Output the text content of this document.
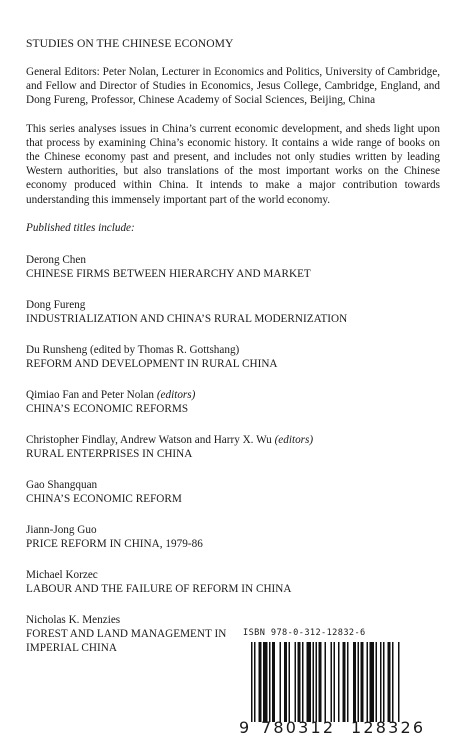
STUDIES ON THE CHINESE ECONOMY

General Editors: Peter Nolan, Lecturer in Economics and Politics, University of Cambridge, and Fellow and Director of Studies in Economics, Jesus College, Cambridge, England, and Dong Fureng, Professor, Chinese Academy of Social Sciences, Beijing, China

This series analyses issues in China’s current economic development, and sheds light upon that process by examining China’s economic history. It contains a wide range of books on the Chinese economy past and present, and includes not only studies written by leading Western authorities, but also translations of the most important works on the Chinese economy produced within China. It intends to make a major contribution towards understanding this immensely important part of the world economy.

Published titles include:

Derong Chen
CHINESE FIRMS BETWEEN HIERARCHY AND MARKET
Dong Fureng
INDUSTRIALIZATION AND CHINA’S RURAL MODERNIZATION
Du Runsheng (edited by Thomas R. Gottshang)
REFORM AND DEVELOPMENT IN RURAL CHINA
Qimiao Fan and Peter Nolan (editors)
CHINA’S ECONOMIC REFORMS
Christopher Findlay, Andrew Watson and Harry X. Wu (editors)
RURAL ENTERPRISES IN CHINA
Gao Shangquan
CHINA’S ECONOMIC REFORM
Jiann-Jong Guo
PRICE REFORM IN CHINA, 1979-86
Michael Korzec
LABOUR AND THE FAILURE OF REFORM IN CHINA
Nicholas K. Menzies
FOREST AND LAND MANAGEMENT IN IMPERIAL CHINA
ISBN 978-0-312-12832-6
9 780312 128326
